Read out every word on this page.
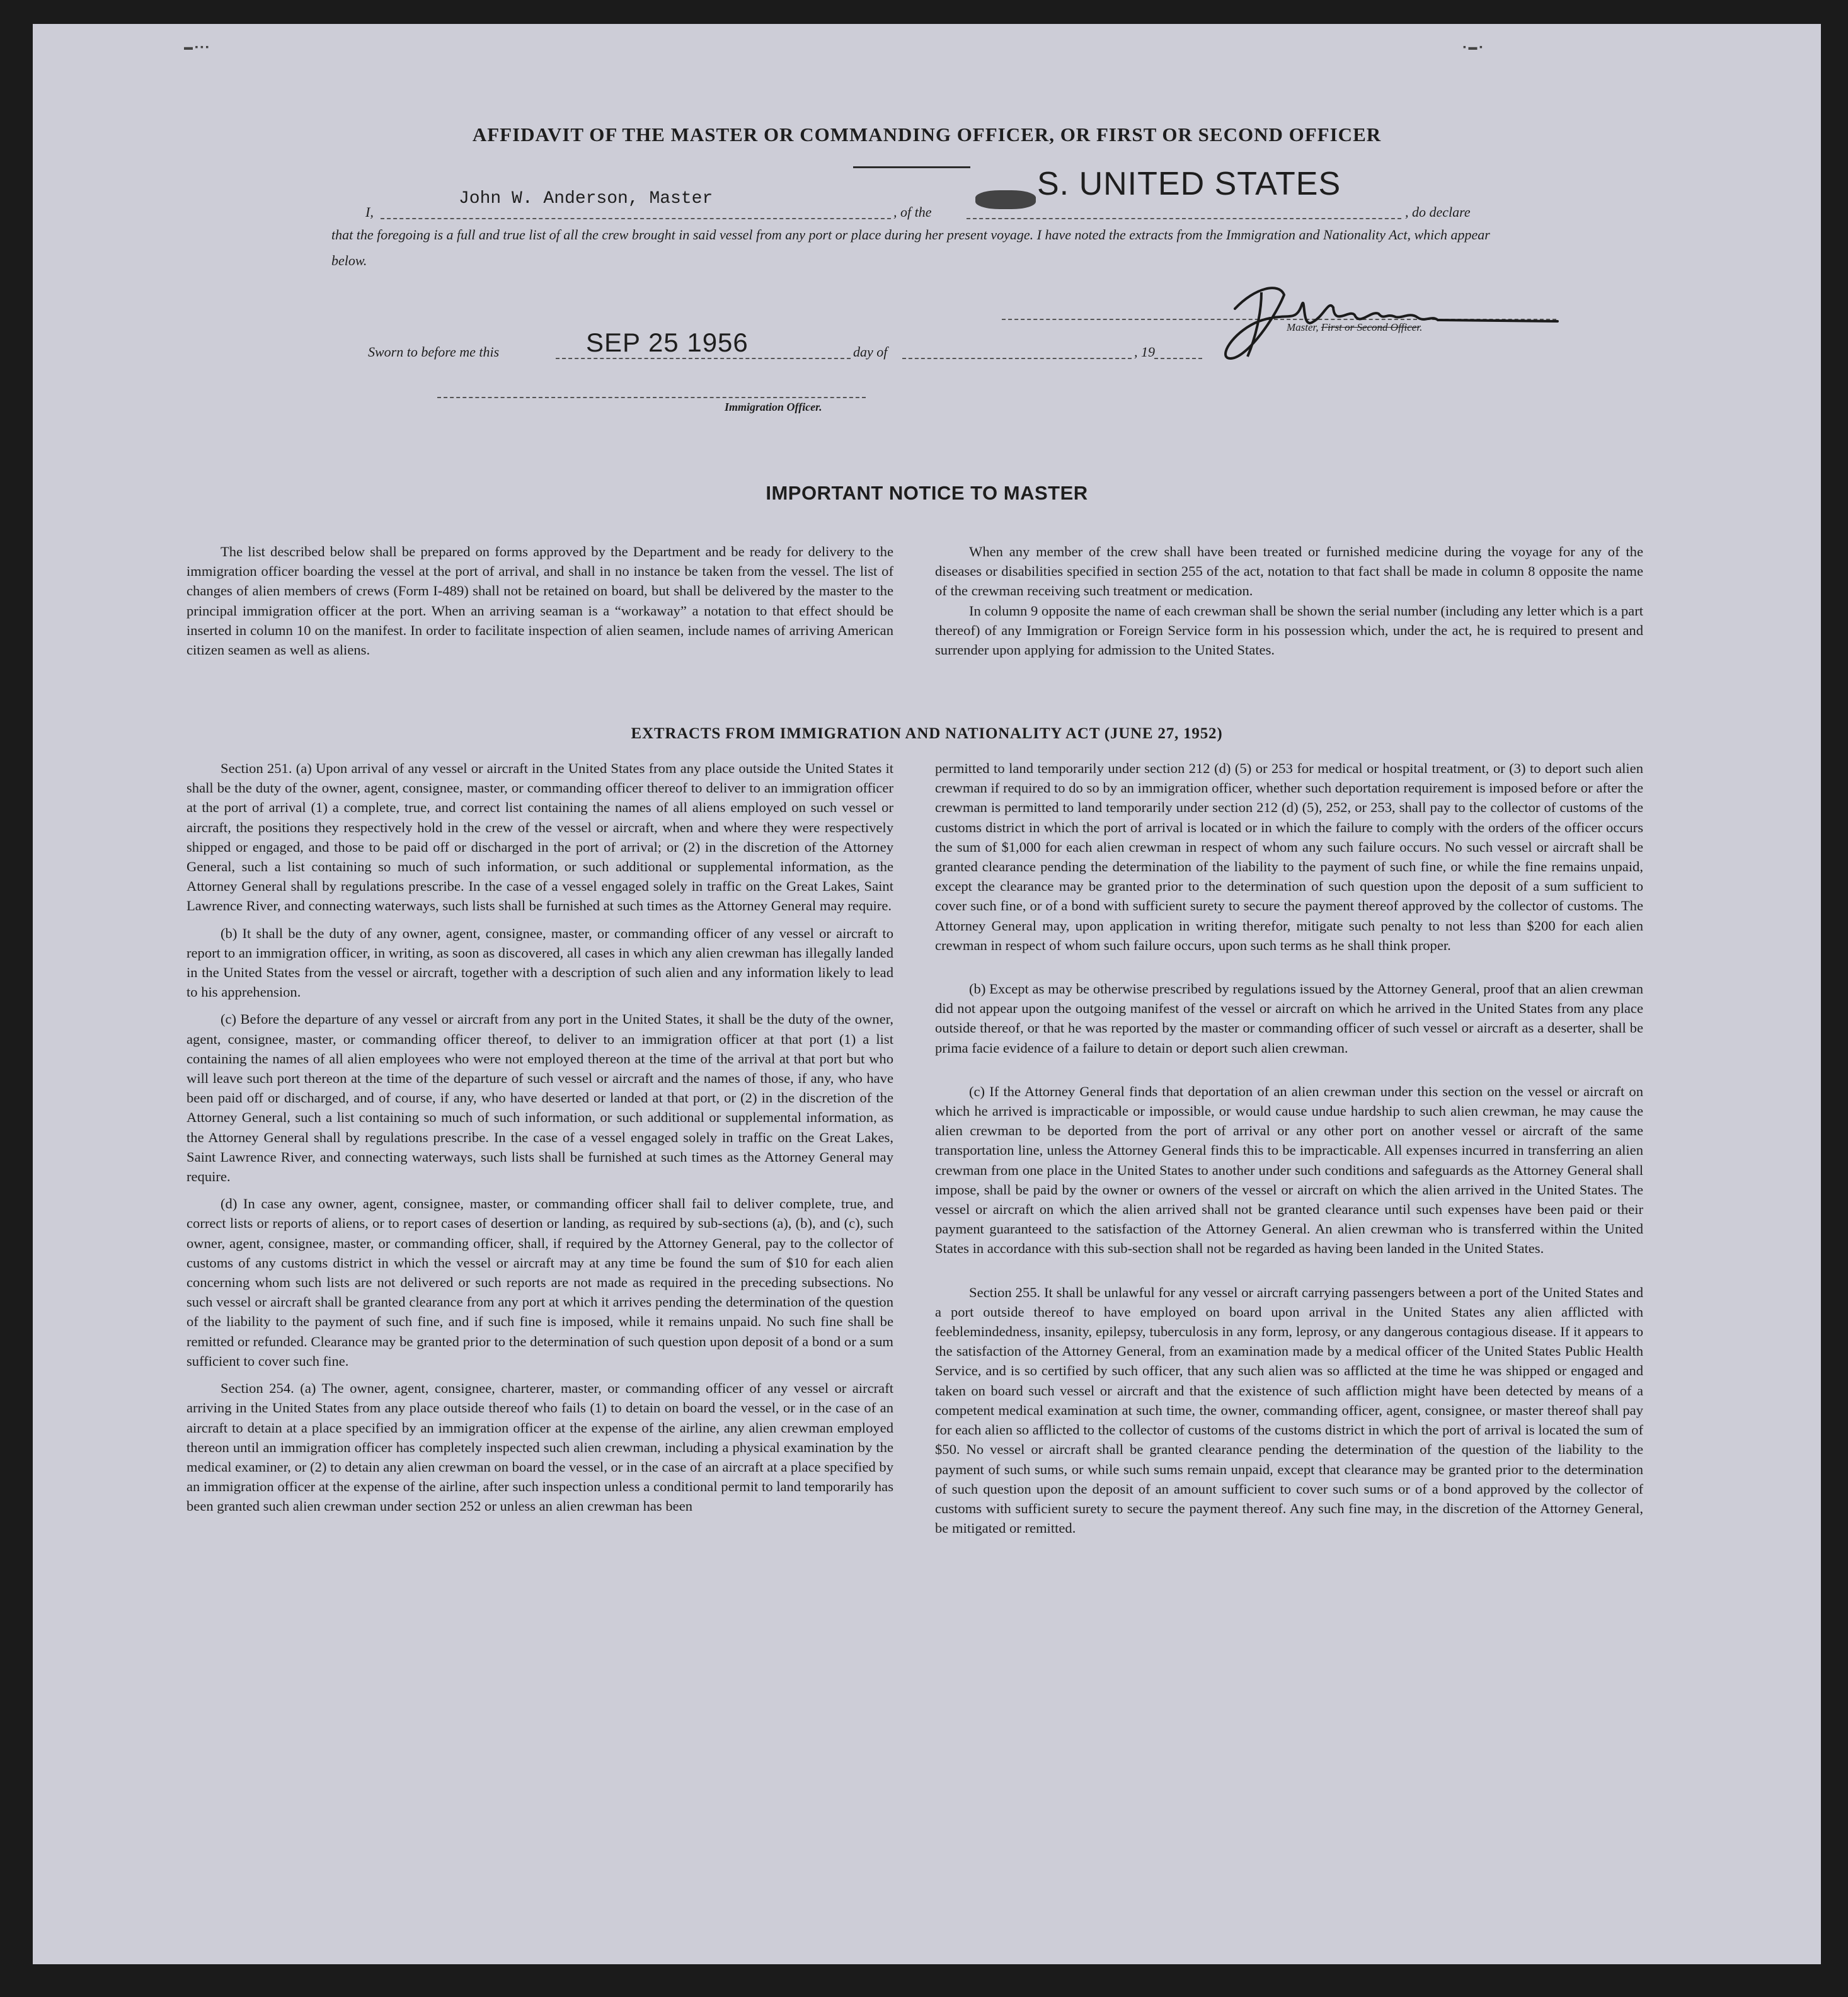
▬ ▪ ▪ ▪	▪ ▬ ▪
AFFIDAVIT OF THE MASTER OR COMMANDING OFFICER, OR FIRST OR SECOND OFFICER
I,
John W. Anderson, Master
, of the
S. UNITED STATES
, do declare
that the foregoing is a full and true list of all the crew brought in said vessel from any port or place during her present voyage. I have noted the extracts from the Immigration and Nationality Act, which appear below.
Master, First or Second Officer.
Sworn to before me this	SEP 25 1956	day of	, 19
Immigration Officer.
IMPORTANT NOTICE TO MASTER

The list described below shall be prepared on forms approved by the Department and be ready for delivery to the immigration officer boarding the vessel at the port of arrival, and shall in no instance be taken from the vessel. The list of changes of alien members of crews (Form I-489) shall not be retained on board, but shall be delivered by the master to the principal immigration officer at the port. When an arriving seaman is a “workaway” a notation to that effect should be inserted in column 10 on the manifest. In order to facilitate inspection of alien seamen, include names of arriving American citizen seamen as well as aliens.

When any member of the crew shall have been treated or furnished medicine during the voyage for any of the diseases or disabilities specified in section 255 of the act, notation to that fact shall be made in column 8 opposite the name of the crewman receiving such treatment or medication.

In column 9 opposite the name of each crewman shall be shown the serial number (including any letter which is a part thereof) of any Immigration or Foreign Service form in his possession which, under the act, he is required to present and surrender upon applying for admission to the United States.

EXTRACTS FROM IMMIGRATION AND NATIONALITY ACT (JUNE 27, 1952)

Section 251. (a) Upon arrival of any vessel or aircraft in the United States from any place outside the United States it shall be the duty of the owner, agent, consignee, master, or commanding officer thereof to deliver to an immigration officer at the port of arrival (1) a complete, true, and correct list containing the names of all aliens employed on such vessel or aircraft, the positions they respectively hold in the crew of the vessel or aircraft, when and where they were respectively shipped or engaged, and those to be paid off or discharged in the port of arrival; or (2) in the discretion of the Attorney General, such a list containing so much of such information, or such additional or supplemental information, as the Attorney General shall by regulations prescribe. In the case of a vessel engaged solely in traffic on the Great Lakes, Saint Lawrence River, and connecting waterways, such lists shall be furnished at such times as the Attorney General may require.

(b) It shall be the duty of any owner, agent, consignee, master, or commanding officer of any vessel or aircraft to report to an immigration officer, in writing, as soon as discovered, all cases in which any alien crewman has illegally landed in the United States from the vessel or aircraft, together with a description of such alien and any information likely to lead to his apprehension.

(c) Before the departure of any vessel or aircraft from any port in the United States, it shall be the duty of the owner, agent, consignee, master, or commanding officer thereof, to deliver to an immigration officer at that port (1) a list containing the names of all alien employees who were not employed thereon at the time of the arrival at that port but who will leave such port thereon at the time of the departure of such vessel or aircraft and the names of those, if any, who have been paid off or discharged, and of course, if any, who have deserted or landed at that port, or (2) in the discretion of the Attorney General, such a list containing so much of such information, or such additional or supplemental information, as the Attorney General shall by regulations prescribe. In the case of a vessel engaged solely in traffic on the Great Lakes, Saint Lawrence River, and connecting waterways, such lists shall be furnished at such times as the Attorney General may require.

(d) In case any owner, agent, consignee, master, or commanding officer shall fail to deliver complete, true, and correct lists or reports of aliens, or to report cases of desertion or landing, as required by sub-sections (a), (b), and (c), such owner, agent, consignee, master, or commanding officer, shall, if required by the Attorney General, pay to the collector of customs of any customs district in which the vessel or aircraft may at any time be found the sum of $10 for each alien concerning whom such lists are not delivered or such reports are not made as required in the preceding subsections. No such vessel or aircraft shall be granted clearance from any port at which it arrives pending the determination of the question of the liability to the payment of such fine, and if such fine is imposed, while it remains unpaid. No such fine shall be remitted or refunded. Clearance may be granted prior to the determination of such question upon deposit of a bond or a sum sufficient to cover such fine.

Section 254. (a) The owner, agent, consignee, charterer, master, or commanding officer of any vessel or aircraft arriving in the United States from any place outside thereof who fails (1) to detain on board the vessel, or in the case of an aircraft to detain at a place specified by an immigration officer at the expense of the airline, any alien crewman employed thereon until an immigration officer has completely inspected such alien crewman, including a physical examination by the medical examiner, or (2) to detain any alien crewman on board the vessel, or in the case of an aircraft at a place specified by an immigration officer at the expense of the airline, after such inspection unless a conditional permit to land temporarily has been granted such alien crewman under section 252 or unless an alien crewman has been

permitted to land temporarily under section 212 (d) (5) or 253 for medical or hospital treatment, or (3) to deport such alien crewman if required to do so by an immigration officer, whether such deportation requirement is imposed before or after the crewman is permitted to land temporarily under section 212 (d) (5), 252, or 253, shall pay to the collector of customs of the customs district in which the port of arrival is located or in which the failure to comply with the orders of the officer occurs the sum of $1,000 for each alien crewman in respect of whom any such failure occurs. No such vessel or aircraft shall be granted clearance pending the determination of the liability to the payment of such fine, or while the fine remains unpaid, except the clearance may be granted prior to the determination of such question upon the deposit of a sum sufficient to cover such fine, or of a bond with sufficient surety to secure the payment thereof approved by the collector of customs. The Attorney General may, upon application in writing therefor, mitigate such penalty to not less than $200 for each alien crewman in respect of whom such failure occurs, upon such terms as he shall think proper.

(b) Except as may be otherwise prescribed by regulations issued by the Attorney General, proof that an alien crewman did not appear upon the outgoing manifest of the vessel or aircraft on which he arrived in the United States from any place outside thereof, or that he was reported by the master or commanding officer of such vessel or aircraft as a deserter, shall be prima facie evidence of a failure to detain or deport such alien crewman.

(c) If the Attorney General finds that deportation of an alien crewman under this section on the vessel or aircraft on which he arrived is impracticable or impossible, or would cause undue hardship to such alien crewman, he may cause the alien crewman to be deported from the port of arrival or any other port on another vessel or aircraft of the same transportation line, unless the Attorney General finds this to be impracticable. All expenses incurred in transferring an alien crewman from one place in the United States to another under such conditions and safeguards as the Attorney General shall impose, shall be paid by the owner or owners of the vessel or aircraft on which the alien arrived in the United States. The vessel or aircraft on which the alien arrived shall not be granted clearance until such expenses have been paid or their payment guaranteed to the satisfaction of the Attorney General. An alien crewman who is transferred within the United States in accordance with this sub-section shall not be regarded as having been landed in the United States.

Section 255. It shall be unlawful for any vessel or aircraft carrying passengers between a port of the United States and a port outside thereof to have employed on board upon arrival in the United States any alien afflicted with feeblemindedness, insanity, epilepsy, tuberculosis in any form, leprosy, or any dangerous contagious disease. If it appears to the satisfaction of the Attorney General, from an examination made by a medical officer of the United States Public Health Service, and is so certified by such officer, that any such alien was so afflicted at the time he was shipped or engaged and taken on board such vessel or aircraft and that the existence of such affliction might have been detected by means of a competent medical examination at such time, the owner, commanding officer, agent, consignee, or master thereof shall pay for each alien so afflicted to the collector of customs of the customs district in which the port of arrival is located the sum of $50. No vessel or aircraft shall be granted clearance pending the determination of the question of the liability to the payment of such sums, or while such sums remain unpaid, except that clearance may be granted prior to the determination of such question upon the deposit of an amount sufficient to cover such sums or of a bond approved by the collector of customs with sufficient surety to secure the payment thereof. Any such fine may, in the discretion of the Attorney General, be mitigated or remitted.
